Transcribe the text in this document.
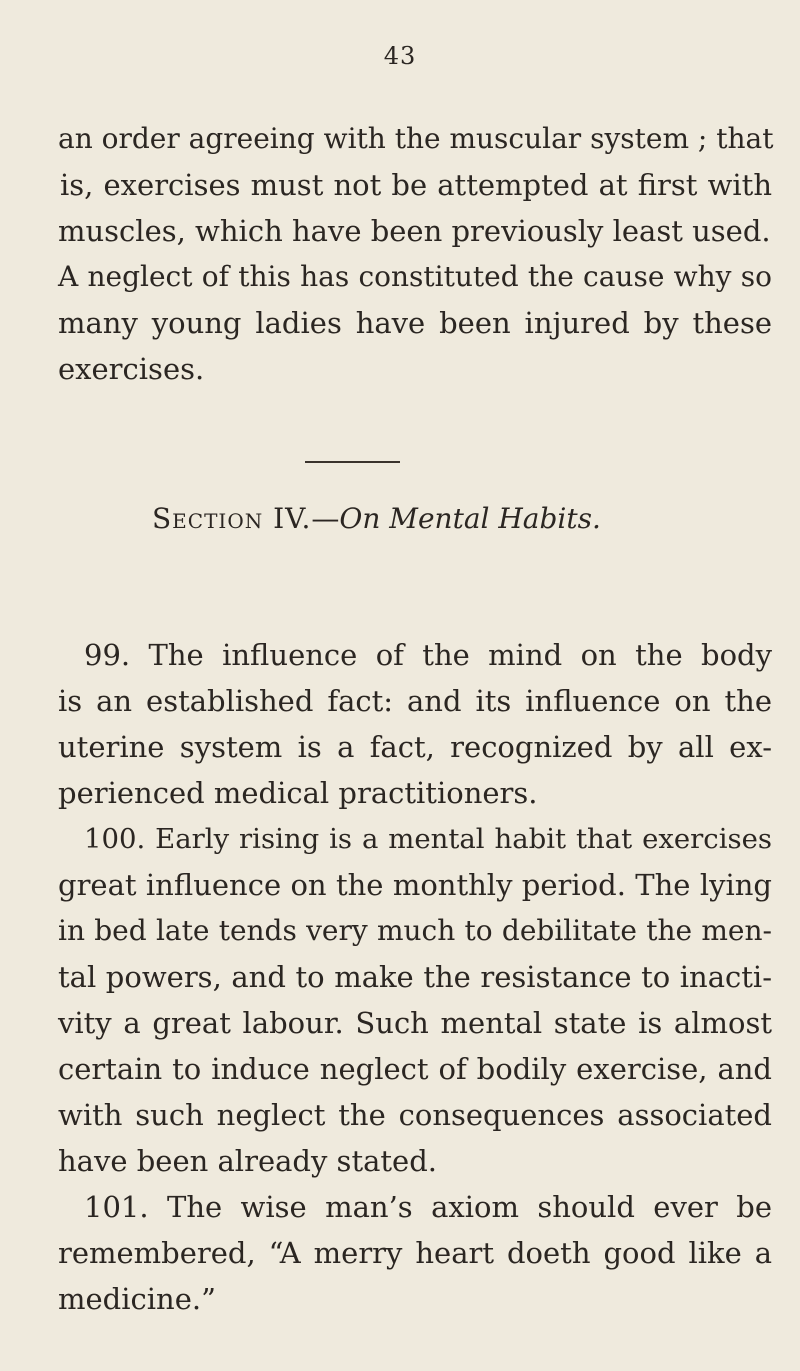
43
an order agreeing with the muscular system ; that
is, exercises must not be attempted at first with
muscles, which have been previously least used.
A neglect of this has constituted the cause why so
many young ladies have been injured by these
exercises.
Section IV.—On Mental Habits.
99. The influence of the mind on the body
is an established fact: and its influence on the
uterine system is a fact, recognized by all ex-
perienced medical practitioners.
100. Early rising is a mental habit that exercises
great influence on the monthly period. The lying
in bed late tends very much to debilitate the men-
tal powers, and to make the resistance to inacti-
vity a great labour. Such mental state is almost
certain to induce neglect of bodily exercise, and
with such neglect the consequences associated
have been already stated.
101. The wise man’s axiom should ever be
remembered, “A merry heart doeth good like a
medicine.”
